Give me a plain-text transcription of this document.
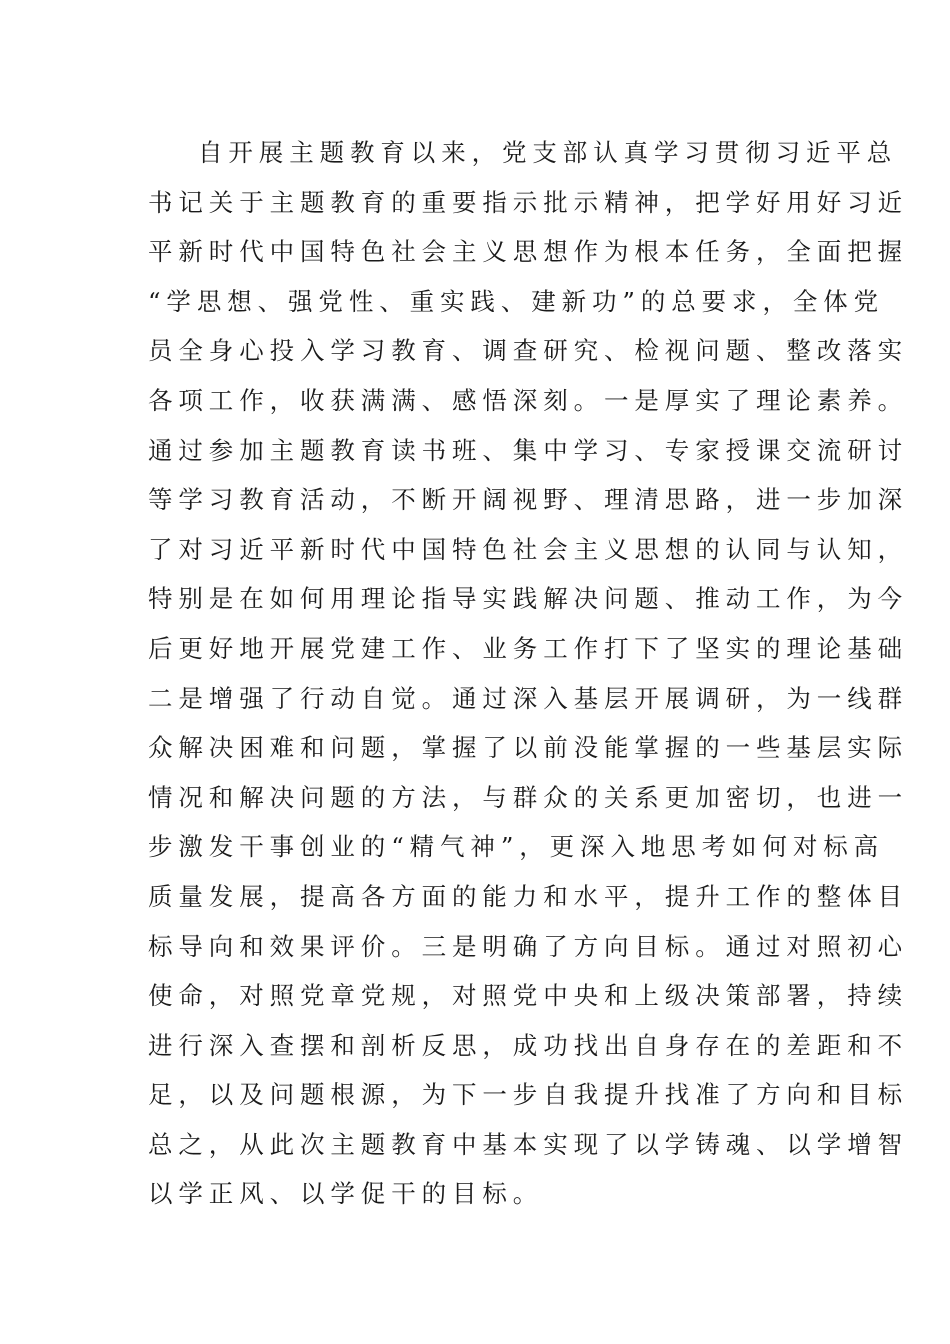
自开展主题教育以来，党支部认真学习贯彻习近平总
书记关于主题教育的重要指示批示精神，把学好用好习近
平新时代中国特色社会主义思想作为根本任务，全面把握
“学思想、强党性、重实践、建新功”的总要求，全体党
员全身心投入学习教育、调查研究、检视问题、整改落实
各项工作，收获满满、感悟深刻。一是厚实了理论素养。
通过参加主题教育读书班、集中学习、专家授课交流研讨
等学习教育活动，不断开阔视野、理清思路，进一步加深
了对习近平新时代中国特色社会主义思想的认同与认知，
特别是在如何用理论指导实践解决问题、推动工作，为今
后更好地开展党建工作、业务工作打下了坚实的理论基础
二是增强了行动自觉。通过深入基层开展调研，为一线群
众解决困难和问题，掌握了以前没能掌握的一些基层实际
情况和解决问题的方法，与群众的关系更加密切，也进一
步激发干事创业的“精气神”，更深入地思考如何对标高
质量发展，提高各方面的能力和水平，提升工作的整体目
标导向和效果评价。三是明确了方向目标。通过对照初心
使命，对照党章党规，对照党中央和上级决策部署，持续
进行深入查摆和剖析反思，成功找出自身存在的差距和不
足，以及问题根源，为下一步自我提升找准了方向和目标
总之，从此次主题教育中基本实现了以学铸魂、以学增智
以学正风、以学促干的目标。
